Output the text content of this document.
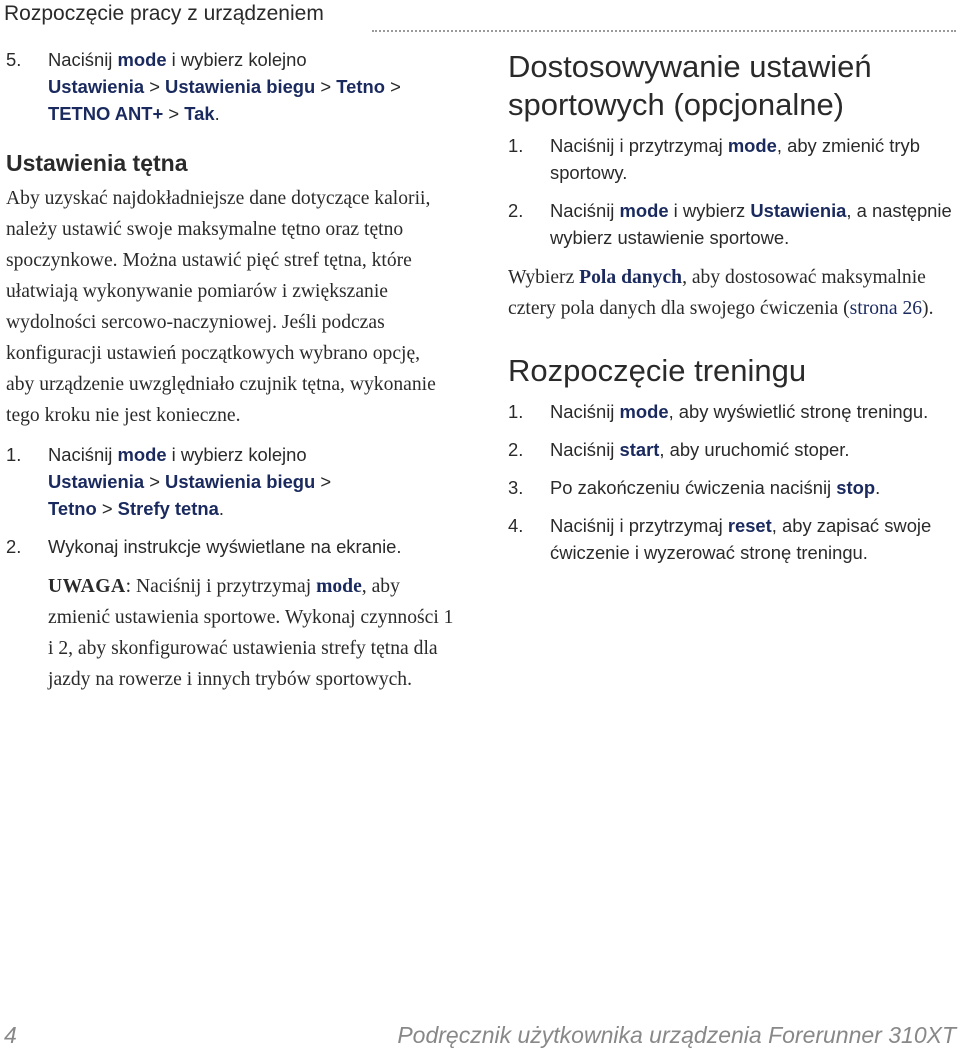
Rozpoczęcie pracy z urządzeniem
5. Naciśnij mode i wybierz kolejno
Ustawienia > Ustawienia biegu > Tetno >
TETNO ANT+ > Tak.
Ustawienia tętna

Aby uzyskać najdokładniejsze dane dotyczące kalorii, należy ustawić swoje maksymalne tętno oraz tętno spoczynkowe. Można ustawić pięć stref tętna, które ułatwiają wykonywanie pomiarów i zwiększanie wydolności sercowo-naczyniowej. Jeśli podczas konfiguracji ustawień początkowych wybrano opcję, aby urządzenie uwzględniało czujnik tętna, wykonanie tego kroku nie jest konieczne.

1. Naciśnij mode i wybierz kolejno
Ustawienia > Ustawienia biegu >
Tetno > Strefy tetna.
2. Wykonaj instrukcje wyświetlane na ekranie.
UWAGA: Naciśnij i przytrzymaj mode, aby zmienić ustawienia sportowe. Wykonaj czynności 1 i 2, aby skonfigurować ustawienia strefy tętna dla jazdy na rowerze i innych trybów sportowych.
Dostosowywanie ustawień sportowych (opcjonalne)
1. Naciśnij i przytrzymaj mode, aby zmienić tryb sportowy.
2. Naciśnij mode i wybierz Ustawienia, a następnie wybierz ustawienie sportowe.

Wybierz Pola danych, aby dostosować maksymalnie cztery pola danych dla swojego ćwiczenia (strona 26).

Rozpoczęcie treningu
1. Naciśnij mode, aby wyświetlić stronę treningu.
2. Naciśnij start, aby uruchomić stoper.
3. Po zakończeniu ćwiczenia naciśnij stop.
4. Naciśnij i przytrzymaj reset, aby zapisać swoje ćwiczenie i wyzerować stronę treningu.
4	Podręcznik użytkownika urządzenia Forerunner 310XT
